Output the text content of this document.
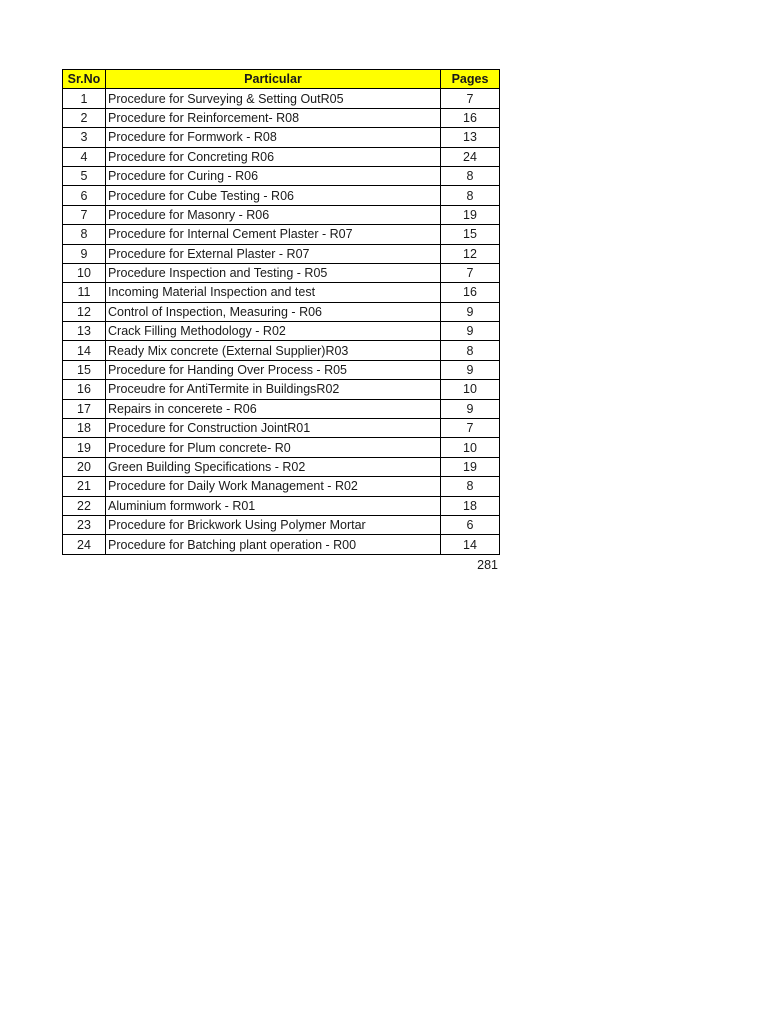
Sr.No	Particular	Pages
1	Procedure for Surveying & Setting OutR05	7
2	Procedure for Reinforcement- R08	16
3	Procedure for Formwork - R08	13
4	Procedure for Concreting R06	24
5	Procedure for Curing - R06	8
6	Procedure for Cube Testing - R06	8
7	Procedure for Masonry - R06	19
8	Procedure for Internal Cement Plaster - R07	15
9	Procedure for External Plaster - R07	12
10	Procedure Inspection and Testing - R05	7
11	Incoming Material Inspection and test	16
12	Control of Inspection, Measuring - R06	9
13	Crack Filling Methodology - R02	9
14	Ready Mix concrete (External Supplier)R03	8
15	Procedure for Handing Over Process - R05	9
16	Proceudre for AntiTermite in BuildingsR02	10
17	Repairs in concerete - R06	9
18	Procedure for Construction JointR01	7
19	Procedure for Plum concrete- R0	10
20	Green Building Specifications - R02	19
21	Procedure for Daily Work Management - R02	8
22	Aluminium formwork - R01	18
23	Procedure for Brickwork Using Polymer Mortar	6
24	Procedure for Batching plant operation - R00	14
281
